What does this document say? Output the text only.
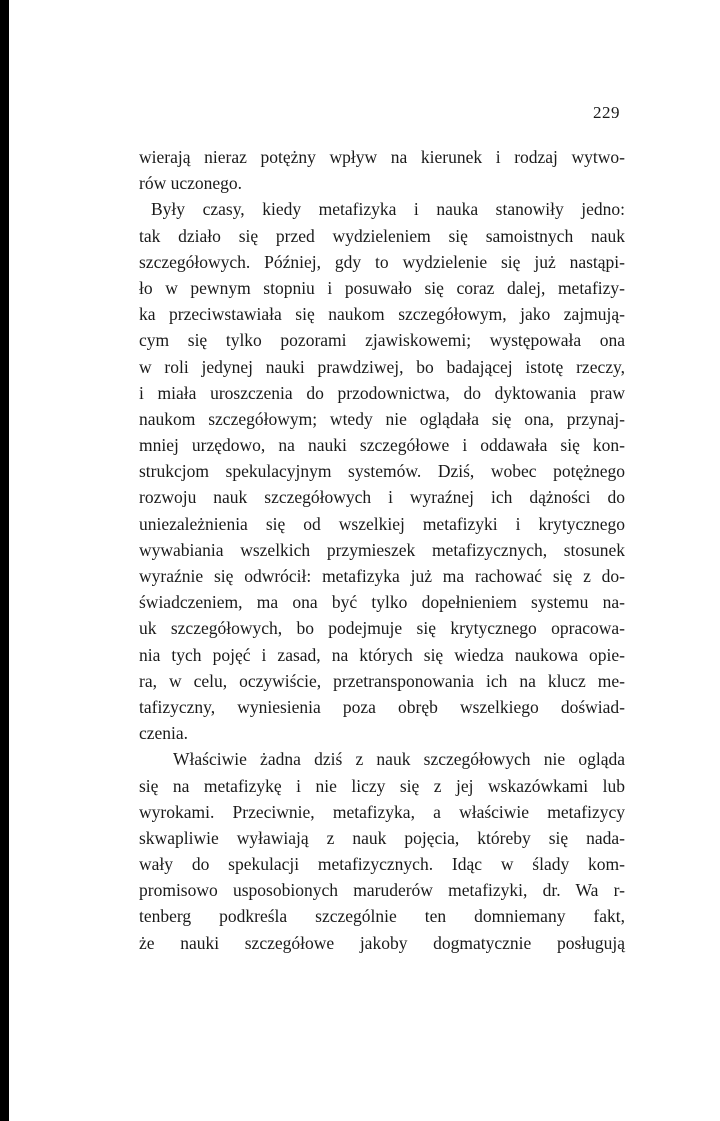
229
wierają nieraz potężny wpływ na kierunek i rodzaj wytwo-
rów uczonego.
Były czasy, kiedy metafizyka i nauka stanowiły jedno:
tak działo się przed wydzieleniem się samoistnych nauk
szczegółowych. Później, gdy to wydzielenie się już nastąpi-
ło w pewnym stopniu i posuwało się coraz dalej, metafizy-
ka przeciwstawiała się naukom szczegółowym, jako zajmują-
cym się tylko pozorami zjawiskowemi; występowała ona
w roli jedynej nauki prawdziwej, bo badającej istotę rzeczy,
i miała uroszczenia do przodownictwa, do dyktowania praw
naukom szczegółowym; wtedy nie oglądała się ona, przynaj-
mniej urzędowo, na nauki szczegółowe i oddawała się kon-
strukcjom spekulacyjnym systemów. Dziś, wobec potężnego
rozwoju nauk szczegółowych i wyraźnej ich dążności do
uniezależnienia się od wszelkiej metafizyki i krytycznego
wywabiania wszelkich przymieszek metafizycznych, stosunek
wyraźnie się odwrócił: metafizyka już ma rachować się z do-
świadczeniem, ma ona być tylko dopełnieniem systemu na-
uk szczegółowych, bo podejmuje się krytycznego opracowa-
nia tych pojęć i zasad, na których się wiedza naukowa opie-
ra, w celu, oczywiście, przetransponowania ich na klucz me-
tafizyczny, wyniesienia poza obręb wszelkiego doświad-
czenia.
Właściwie żadna dziś z nauk szczegółowych nie ogląda
się na metafizykę i nie liczy się z jej wskazówkami lub
wyrokami. Przeciwnie, metafizyka, a właściwie metafizycy
skwapliwie wyławiają z nauk pojęcia, któreby się nada-
wały do spekulacji metafizycznych. Idąc w ślady kom-
promisowo usposobionych maruderów metafizyki, dr. Wa r-
tenberg podkreśla szczególnie ten domniemany fakt,
że nauki szczegółowe jakoby dogmatycznie posługują
